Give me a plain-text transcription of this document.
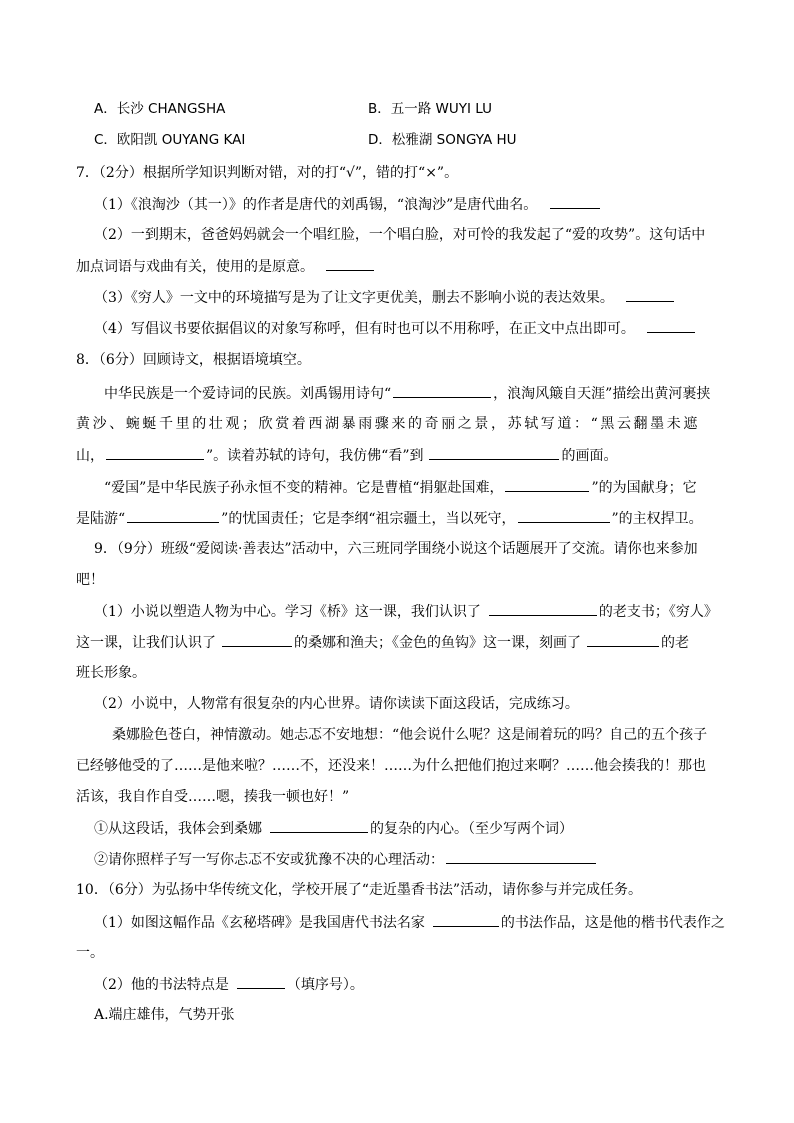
A．长沙 CHANGSHA	B．五一路 WUYI LU
C．欧阳凯 OUYANG KAI	D．松雅湖 SONGYA HU
7．（2分）根据所学知识判断对错，对的打“√”，错的打“×”。
（1）《浪淘沙（其一）》的作者是唐代的刘禹锡，“浪淘沙”是唐代曲名。
（2）一到期末，爸爸妈妈就会一个唱红脸，一个唱白脸，对可怜的我发起了“爱的攻势”。这句话中
加点词语与戏曲有关，使用的是原意。
（3）《穷人》一文中的环境描写是为了让文字更优美，删去不影响小说的表达效果。
（4）写倡议书要依据倡议的对象写称呼，但有时也可以不用称呼，在正文中点出即可。
8．（6分）回顾诗文，根据语境填空。
中华民族是一个爱诗词的民族。刘禹锡用诗句“	，浪淘风簸自天涯”描绘出黄河裹挟
黄沙、蜿蜒千里的壮观；欣赏着西湖暴雨骤来的奇丽之景，苏轼写道：“黑云翻墨未遮
山，	”。读着苏轼的诗句，我仿佛“看”到	的画面。
“爱国”是中华民族子孙永恒不变的精神。它是曹植“捐躯赴国难，	”的为国献身；它
是陆游“	”的忧国责任；它是李纲“祖宗疆土，当以死守，	”的主权捍卫。
9．（9分）班级“爱阅读·善表达”活动中，六三班同学围绕小说这个话题展开了交流。请你也来参加
吧！
（1）小说以塑造人物为中心。学习《桥》这一课，我们认识了	的老支书；《穷人》
这一课，让我们认识了	的桑娜和渔夫；《金色的鱼钩》这一课，刻画了	的老
班长形象。
（2）小说中，人物常有很复杂的内心世界。请你读读下面这段话，完成练习。
桑娜脸色苍白，神情激动。她忐忑不安地想：“他会说什么呢？这是闹着玩的吗？自己的五个孩子
已经够他受的了……是他来啦？……不，还没来！……为什么把他们抱过来啊？……他会揍我的！那也
活该，我自作自受……嗯，揍我一顿也好！”
①从这段话，我体会到桑娜	的复杂的内心。（至少写两个词）
②请你照样子写一写你忐忑不安或犹豫不决的心理活动：
10．（6分）为弘扬中华传统文化，学校开展了“走近墨香书法”活动，请你参与并完成任务。
（1）如图这幅作品《玄秘塔碑》是我国唐代书法名家	的书法作品，这是他的楷书代表作之
一。
（2）他的书法特点是	（填序号）。
A.端庄雄伟，气势开张
